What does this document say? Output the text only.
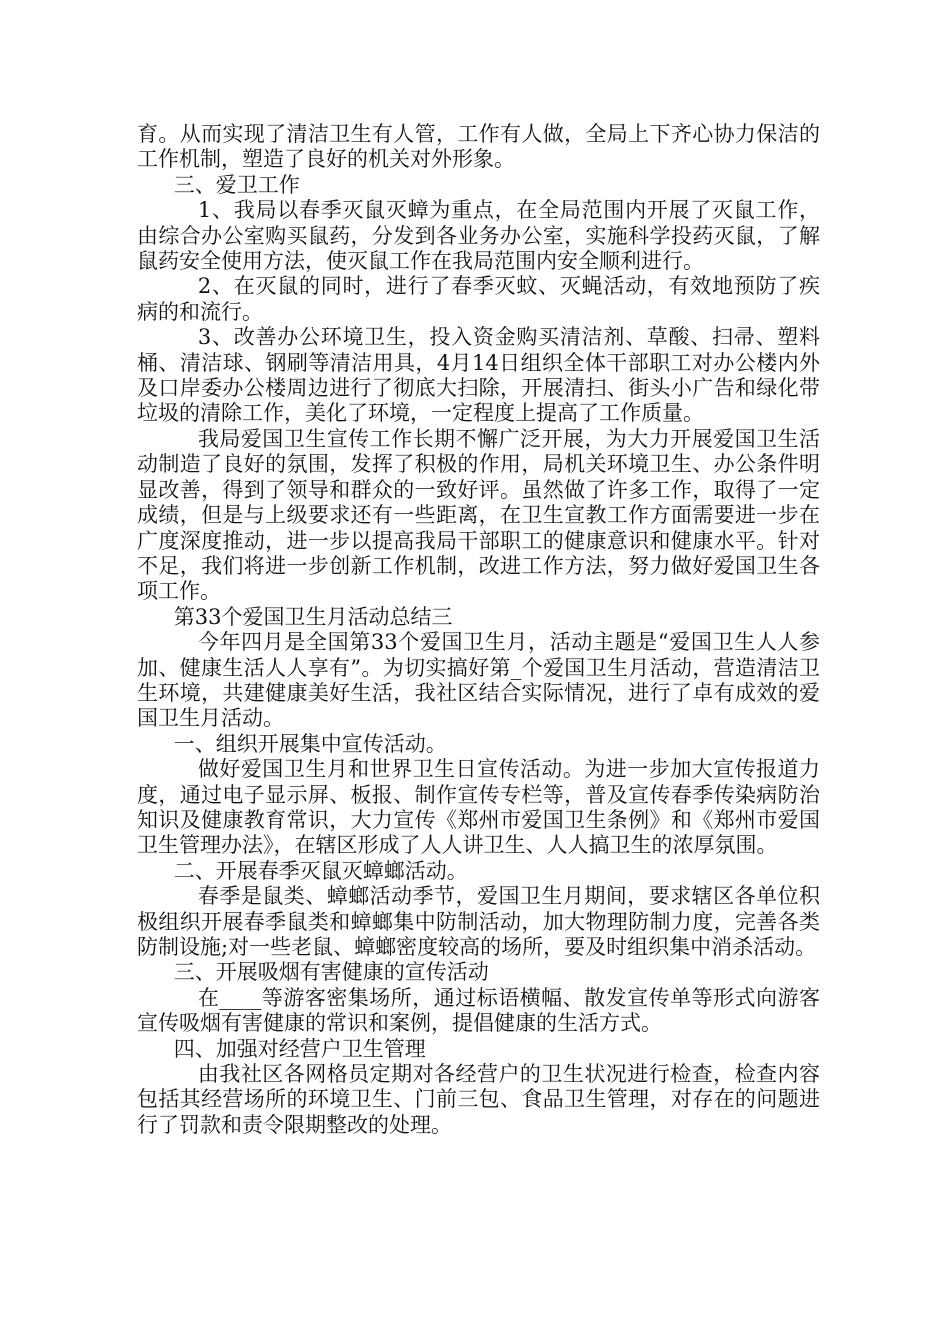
育。从而实现了清洁卫生有人管，工作有人做，全局上下齐心协力保洁的工作机制，塑造了良好的机关对外形象。

三、爱卫工作

1、我局以春季灭鼠灭蟑为重点，在全局范围内开展了灭鼠工作，由综合办公室购买鼠药，分发到各业务办公室，实施科学投药灭鼠，了解鼠药安全使用方法，使灭鼠工作在我局范围内安全顺利进行。

2、在灭鼠的同时，进行了春季灭蚊、灭蝇活动，有效地预防了疾病的和流行。

3、改善办公环境卫生，投入资金购买清洁剂、草酸、扫帚、塑料桶、清洁球、钢刷等清洁用具，4月14日组织全体干部职工对办公楼内外及口岸委办公楼周边进行了彻底大扫除，开展清扫、街头小广告和绿化带垃圾的清除工作，美化了环境，一定程度上提高了工作质量。

我局爱国卫生宣传工作长期不懈广泛开展，为大力开展爱国卫生活动制造了良好的氛围，发挥了积极的作用，局机关环境卫生、办公条件明显改善，得到了领导和群众的一致好评。虽然做了许多工作，取得了一定成绩，但是与上级要求还有一些距离，在卫生宣教工作方面需要进一步在广度深度推动，进一步以提高我局干部职工的健康意识和健康水平。针对不足，我们将进一步创新工作机制，改进工作方法，努力做好爱国卫生各项工作。

第33个爱国卫生月活动总结三

今年四月是全国第33个爱国卫生月，活动主题是“爱国卫生人人参加、健康生活人人享有”。为切实搞好第_个爱国卫生月活动，营造清洁卫生环境，共建健康美好生活，我社区结合实际情况，进行了卓有成效的爱国卫生月活动。

一、组织开展集中宣传活动。

做好爱国卫生月和世界卫生日宣传活动。为进一步加大宣传报道力度，通过电子显示屏、板报、制作宣传专栏等，普及宣传春季传染病防治知识及健康教育常识，大力宣传《郑州市爱国卫生条例》和《郑州市爱国卫生管理办法》，在辖区形成了人人讲卫生、人人搞卫生的浓厚氛围。

二、开展春季灭鼠灭蟑螂活动。

春季是鼠类、蟑螂活动季节，爱国卫生月期间，要求辖区各单位积极组织开展春季鼠类和蟑螂集中防制活动，加大物理防制力度，完善各类防制设施;对一些老鼠、蟑螂密度较高的场所，要及时组织集中消杀活动。

三、开展吸烟有害健康的宣传活动

在____等游客密集场所，通过标语横幅、散发宣传单等形式向游客宣传吸烟有害健康的常识和案例，提倡健康的生活方式。

四、加强对经营户卫生管理

由我社区各网格员定期对各经营户的卫生状况进行检查，检查内容包括其经营场所的环境卫生、门前三包、食品卫生管理，对存在的问题进行了罚款和责令限期整改的处理。
